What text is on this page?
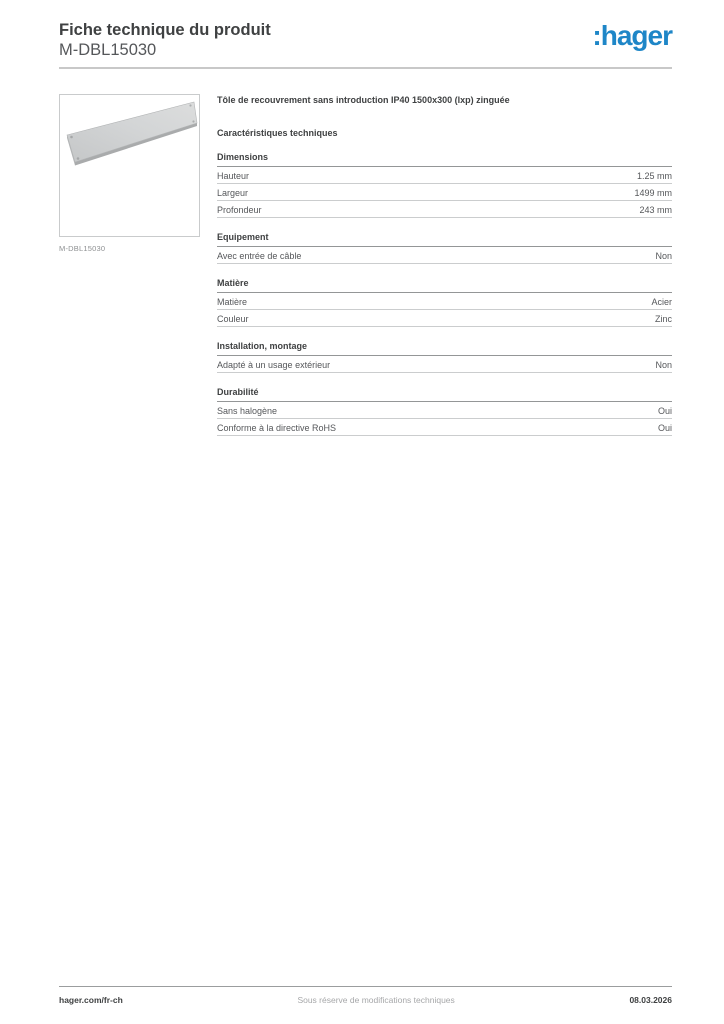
Fiche technique du produit
M-DBL15030	:hager
M-DBL15030
Tôle de recouvrement sans introduction IP40 1500x300 (lxp) zinguée
Caractéristiques techniques
Dimensions
Hauteur	1.25 mm
Largeur	1499 mm
Profondeur	243 mm
Equipement
Avec entrée de câble	Non
Matière
Matière	Acier
Couleur	Zinc
Installation, montage
Adapté à un usage extérieur	Non
Durabilité
Sans halogène	Oui
Conforme à la directive RoHS	Oui
hager.com/fr-ch	Sous réserve de modifications techniques	08.03.2026
